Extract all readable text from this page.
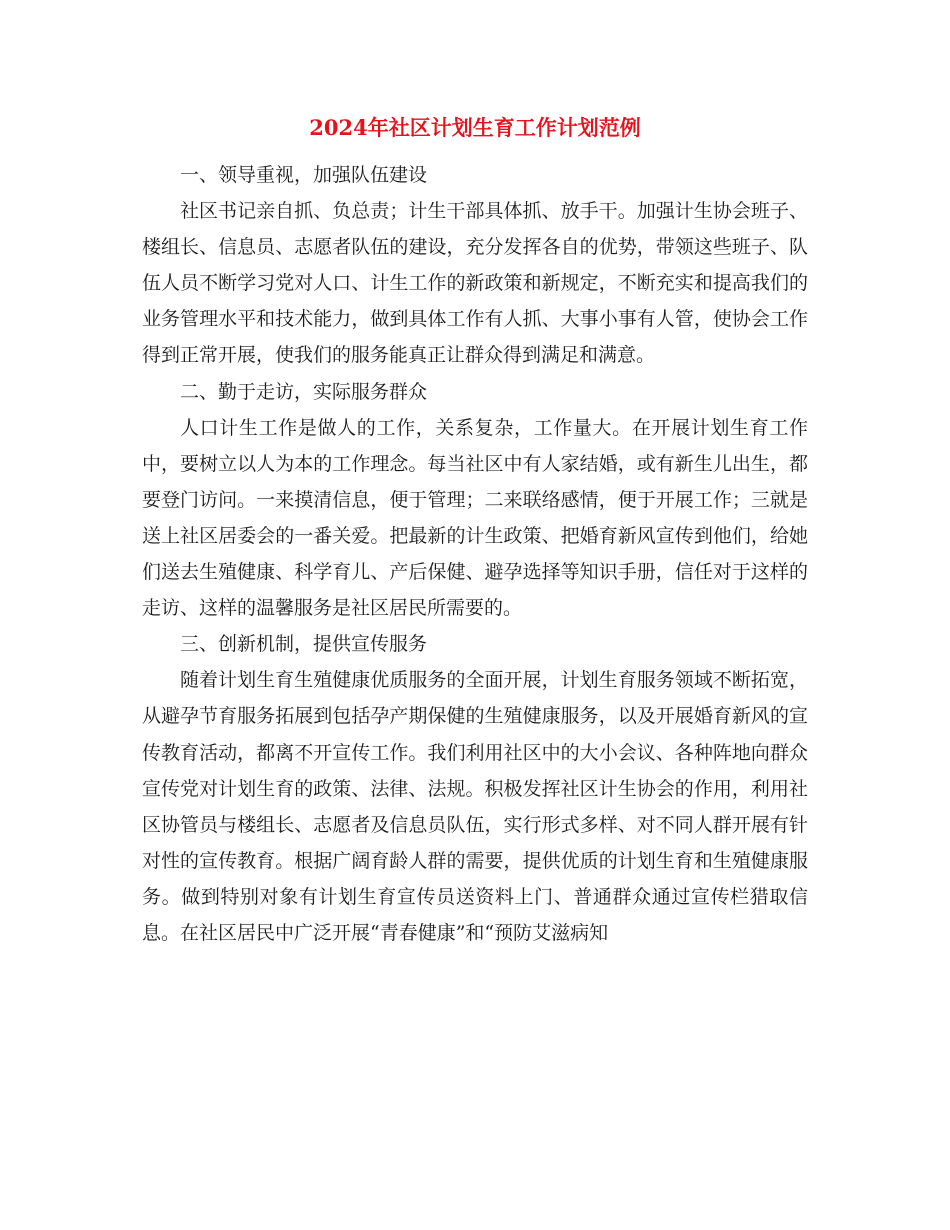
2024年社区计划生育工作计划范例

一、领导重视，加强队伍建设

社区书记亲自抓、负总责；计生干部具体抓、放手干。加强计生协会班子、楼组长、信息员、志愿者队伍的建设，充分发挥各自的优势，带领这些班子、队伍人员不断学习党对人口、计生工作的新政策和新规定，不断充实和提高我们的业务管理水平和技术能力，做到具体工作有人抓、大事小事有人管，使协会工作得到正常开展，使我们的服务能真正让群众得到满足和满意。

二、勤于走访，实际服务群众

人口计生工作是做人的工作，关系复杂，工作量大。在开展计划生育工作中，要树立以人为本的工作理念。每当社区中有人家结婚，或有新生儿出生，都要登门访问。一来摸清信息，便于管理；二来联络感情，便于开展工作；三就是送上社区居委会的一番关爱。把最新的计生政策、把婚育新风宣传到他们，给她们送去生殖健康、科学育儿、产后保健、避孕选择等知识手册，信任对于这样的走访、这样的温馨服务是社区居民所需要的。

三、创新机制，提供宣传服务

随着计划生育生殖健康优质服务的全面开展，计划生育服务领域不断拓宽，从避孕节育服务拓展到包括孕产期保健的生殖健康服务，以及开展婚育新风的宣传教育活动，都离不开宣传工作。我们利用社区中的大小会议、各种阵地向群众宣传党对计划生育的政策、法律、法规。积极发挥社区计生协会的作用，利用社区协管员与楼组长、志愿者及信息员队伍，实行形式多样、对不同人群开展有针对性的宣传教育。根据广阔育龄人群的需要，提供优质的计划生育和生殖健康服务。做到特别对象有计划生育宣传员送资料上门、普通群众通过宣传栏猎取信息。在社区居民中广泛开展“青春健康”和“预防艾滋病知
